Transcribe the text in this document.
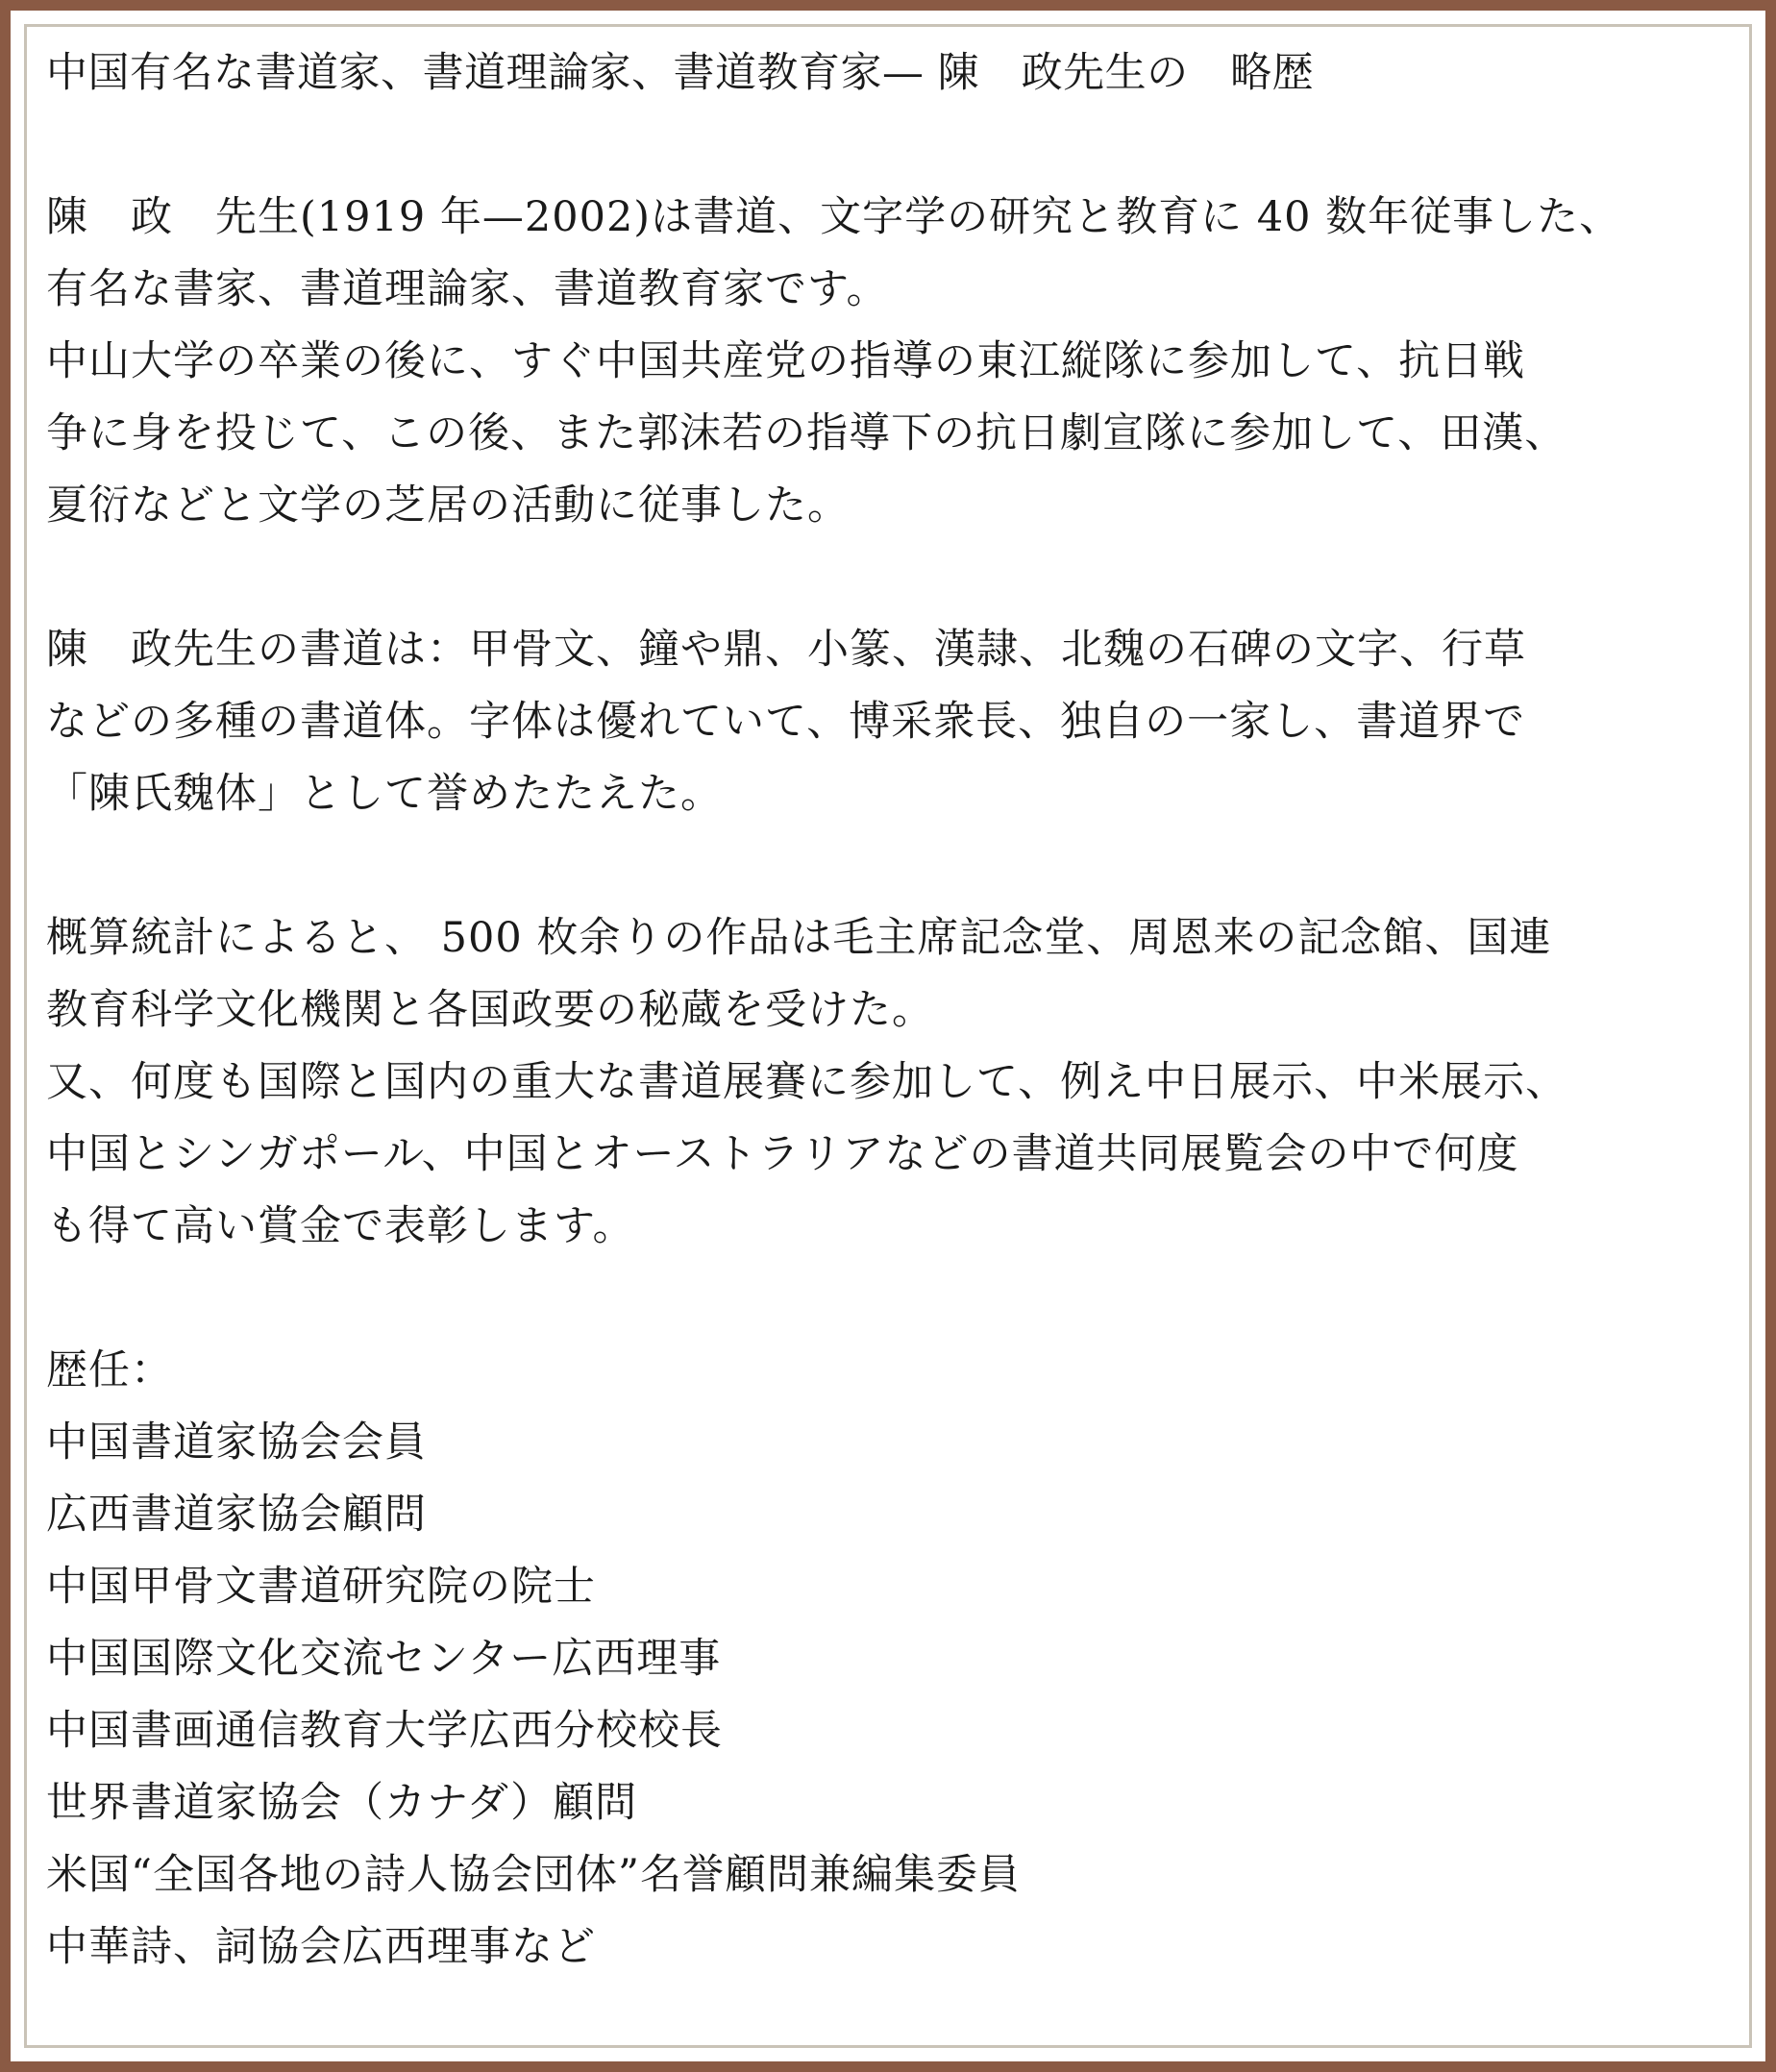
中国有名な書道家、書道理論家、書道教育家— 陳　政先生の　略歴
陳　政　先生(1919 年—2002)は書道、文字学の研究と教育に 40 数年従事した、
有名な書家、書道理論家、書道教育家です。
中山大学の卒業の後に、すぐ中国共産党の指導の東江縦隊に参加して、抗日戦
争に身を投じて、この後、また郭沫若の指導下の抗日劇宣隊に参加して、田漢、
夏衍などと文学の芝居の活動に従事した。
陳　政先生の書道は：甲骨文、鐘や鼎、小篆、漢隷、北魏の石碑の文字、行草
などの多種の書道体。字体は優れていて、博采衆長、独自の一家し、書道界で
「陳氏魏体」として誉めたたえた。
概算統計によると、 500 枚余りの作品は毛主席記念堂、周恩来の記念館、国連
教育科学文化機関と各国政要の秘蔵を受けた。
又、何度も国際と国内の重大な書道展賽に参加して、例え中日展示、中米展示、
中国とシンガポール、中国とオーストラリアなどの書道共同展覧会の中で何度
も得て高い賞金で表彰します。
歴任：
中国書道家協会会員
広西書道家協会顧問
中国甲骨文書道研究院の院士
中国国際文化交流センター広西理事
中国書画通信教育大学広西分校校長
世界書道家協会（カナダ）顧問
米国“全国各地の詩人協会団体”名誉顧問兼編集委員
中華詩、詞協会広西理事など
